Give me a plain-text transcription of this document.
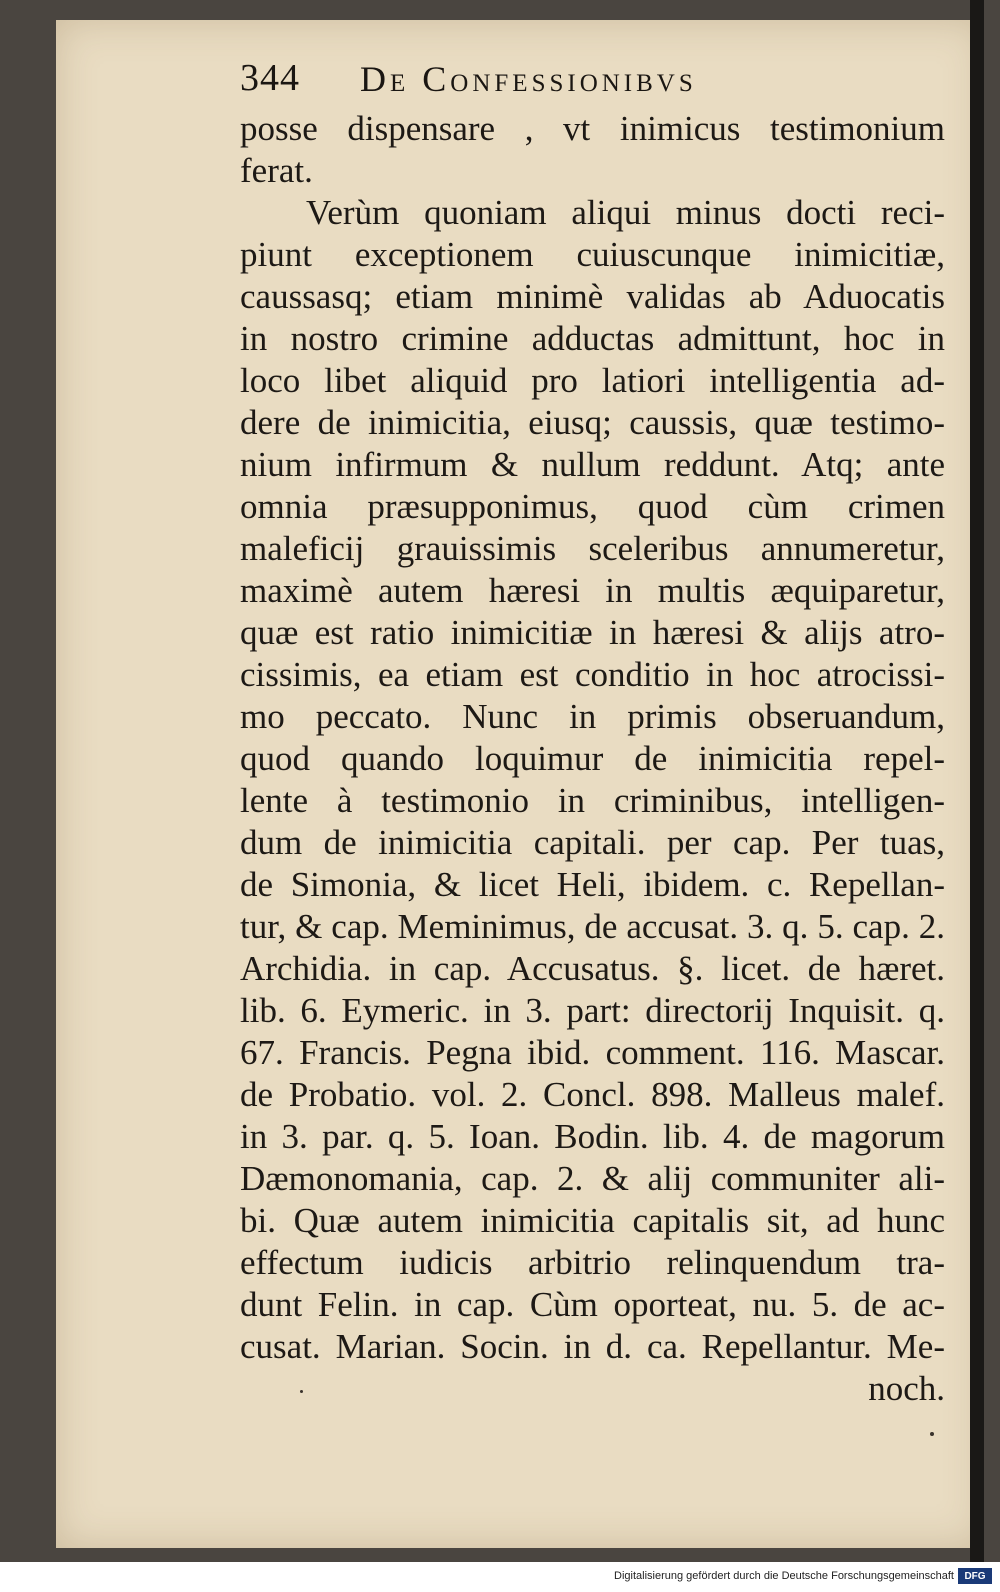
344	De Confessionibvs
posse dispensare , vt inimicus testimonium
ferat.
Verùm quoniam aliqui minus docti reci-
piunt exceptionem cuiuscunque inimicitiæ,
caussasq; etiam minimè validas ab Aduocatis
in nostro crimine adductas admittunt, hoc in
loco libet aliquid pro latiori intelligentia ad-
dere de inimicitia, eiusq; caussis, quæ testimo-
nium infirmum & nullum reddunt. Atq; ante
omnia præsupponimus, quod cùm crimen
maleficij grauissimis sceleribus annumeretur,
maximè autem hæresi in multis æquiparetur,
quæ est ratio inimicitiæ in hæresi & alijs atro-
cissimis, ea etiam est conditio in hoc atrocissi-
mo peccato. Nunc in primis obseruandum,
quod quando loquimur de inimicitia repel-
lente à testimonio in criminibus, intelligen-
dum de inimicitia capitali. per cap. Per tuas,
de Simonia, & licet Heli, ibidem. c. Repellan-
tur, & cap. Meminimus, de accusat. 3. q. 5. cap. 2.
Archidia. in cap. Accusatus. §. licet. de hæret.
lib. 6. Eymeric. in 3. part: directorij Inquisit. q.
67. Francis. Pegna ibid. comment. 116. Mascar.
de Probatio. vol. 2. Concl. 898. Malleus malef.
in 3. par. q. 5. Ioan. Bodin. lib. 4. de magorum
Dæmonomania, cap. 2. & alij communiter ali-
bi. Quæ autem inimicitia capitalis sit, ad hunc
effectum iudicis arbitrio relinquendum tra-
dunt Felin. in cap. Cùm oporteat, nu. 5. de ac-
cusat. Marian. Socin. in d. ca. Repellantur. Me-
noch.
Digitalisierung gefördert durch die Deutsche Forschungsgemeinschaft	DFG
